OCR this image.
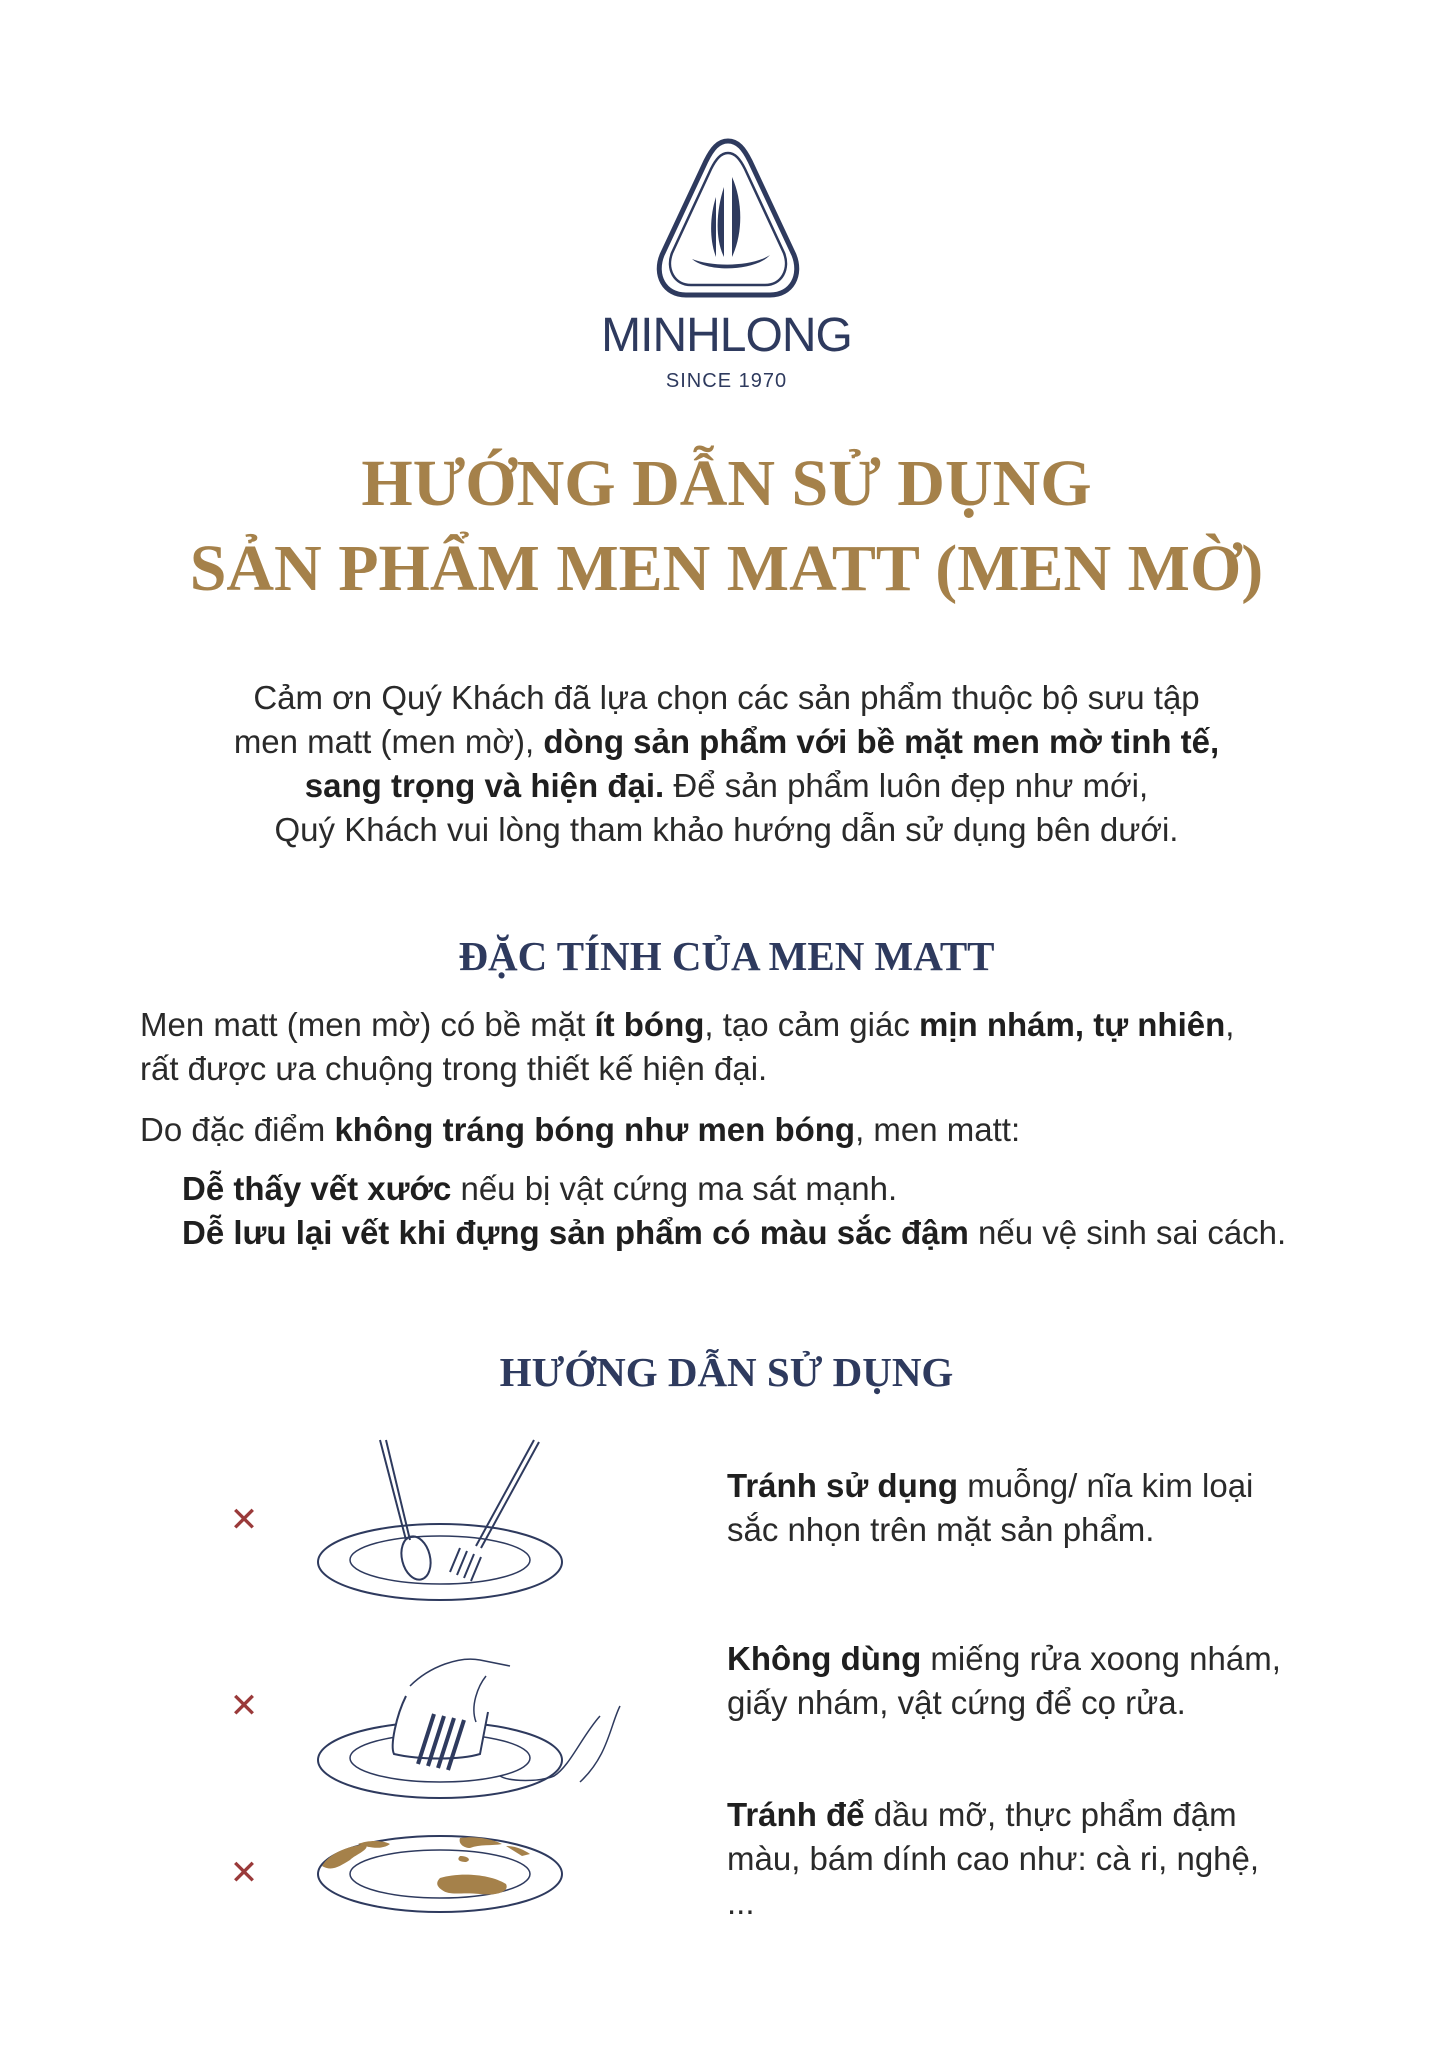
MINHLONG
SINCE 1970
HƯỚNG DẪN SỬ DỤNG
SẢN PHẨM MEN MATT (MEN MỜ)

Cảm ơn Quý Khách đã lựa chọn các sản phẩm thuộc bộ sưu tập

men matt (men mờ), dòng sản phẩm với bề mặt men mờ tinh tế,

sang trọng và hiện đại. Để sản phẩm luôn đẹp như mới,

Quý Khách vui lòng tham khảo hướng dẫn sử dụng bên dưới.

ĐẶC TÍNH CỦA MEN MATT

Men matt (men mờ) có bề mặt ít bóng, tạo cảm giác mịn nhám, tự nhiên,

rất được ưa chuộng trong thiết kế hiện đại.

Do đặc điểm không tráng bóng như men bóng, men matt:

Dễ thấy vết xước nếu bị vật cứng ma sát mạnh.

Dễ lưu lại vết khi đựng sản phẩm có màu sắc đậm nếu vệ sinh sai cách.

HƯỚNG DẪN SỬ DỤNG
✕

Tránh sử dụng muỗng/ nĩa kim loại

sắc nhọn trên mặt sản phẩm.

✕

Không dùng miếng rửa xoong nhám,

giấy nhám, vật cứng để cọ rửa.

✕

Tránh để dầu mỡ, thực phẩm đậm

màu, bám dính cao như: cà ri, nghệ,

...
